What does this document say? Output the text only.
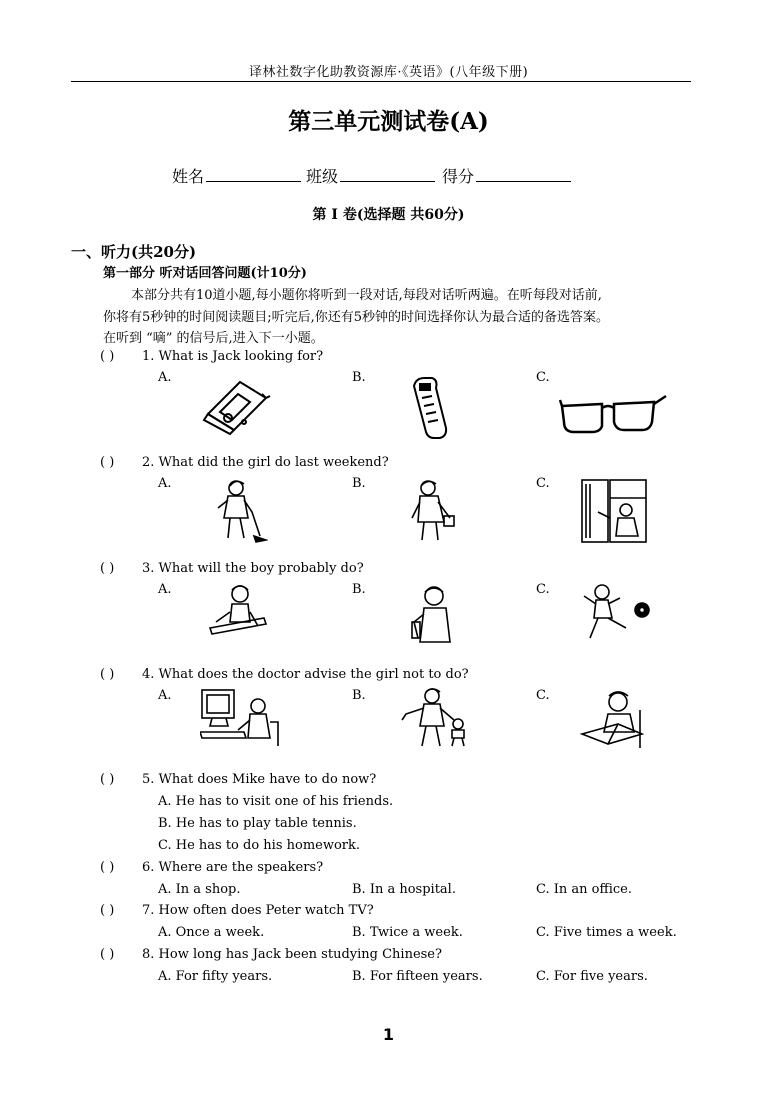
译林社数字化助教资源库·《英语》(八年级下册)
第三单元测试卷(A)
姓名	班级	得分
第 I 卷(选择题 共60分)
一、听力(共20分)
第一部分 听对话回答问题(计10分)
本部分共有10道小题,每小题你将听到一段对话,每段对话听两遍。在听每段对话前,
你将有5秒钟的时间阅读题目;听完后,你还有5秒钟的时间选择你认为最合适的备选答案。
在听到 “嘀” 的信号后,进入下一小题。
( ) 1. What is Jack looking for?
A.	B.	C.
( ) 2. What did the girl do last weekend?
A.	B.	C.
( ) 3. What will the boy probably do?
A.	B.	C.
( ) 4. What does the doctor advise the girl not to do?
A.	B.	C.
( ) 5. What does Mike have to do now?
A. He has to visit one of his friends.
B. He has to play table tennis.
C. He has to do his homework.
( ) 6. Where are the speakers?
A. In a shop.	B. In a hospital.	C. In an office.
( ) 7. How often does Peter watch TV?
A. Once a week.	B. Twice a week.	C. Five times a week.
( ) 8. How long has Jack been studying Chinese?
A. For fifty years.	B. For fifteen years.	C. For five years.
1
